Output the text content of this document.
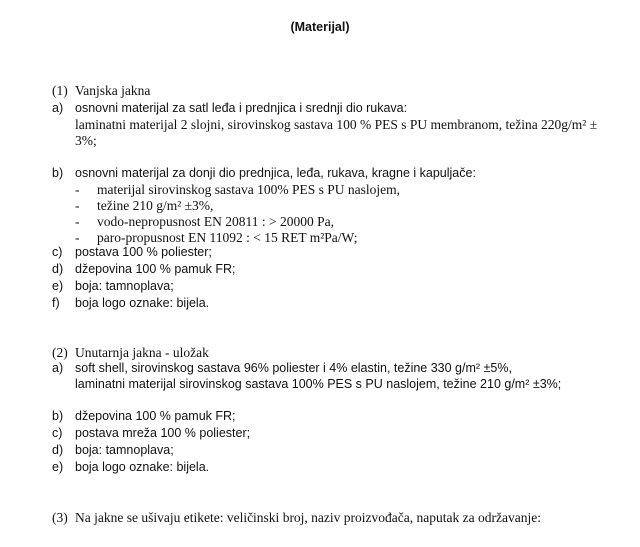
(Materijal)
(1) Vanjska jakna
a) osnovni materijal za satl leđa i prednjica i srednji dio rukava:
laminatni materijal 2 slojni, sirovinskog sastava 100 % PES s PU membranom, težina 220g/m² ±
3%;
b) osnovni materijal za donji dio prednjica, leđa, rukava, kragne i kapuljače:
- materijal sirovinskog sastava 100% PES s PU naslojem,
- težine 210 g/m² ±3%,
- vodo-nepropusnost EN 20811 : > 20000 Pa,
- paro-propusnost EN 11092 : < 15 RET m²Pa/W;
c) postava 100 % poliester;
d) džepovina 100 % pamuk FR;
e) boja: tamnoplava;
f) boja logo oznake: bijela.
(2) Unutarnja jakna - uložak
a) soft shell, sirovinskog sastava 96% poliester i 4% elastin, težine 330 g/m² ±5%,
laminatni materijal sirovinskog sastava 100% PES s PU naslojem, težine 210 g/m² ±3%;
b) džepovina 100 % pamuk FR;
c) postava mreža 100 % poliester;
d) boja: tamnoplava;
e) boja logo oznake: bijela.
(3) Na jakne se ušivaju etikete: veličinski broj, naziv proizvođača, naputak za održavanje:
